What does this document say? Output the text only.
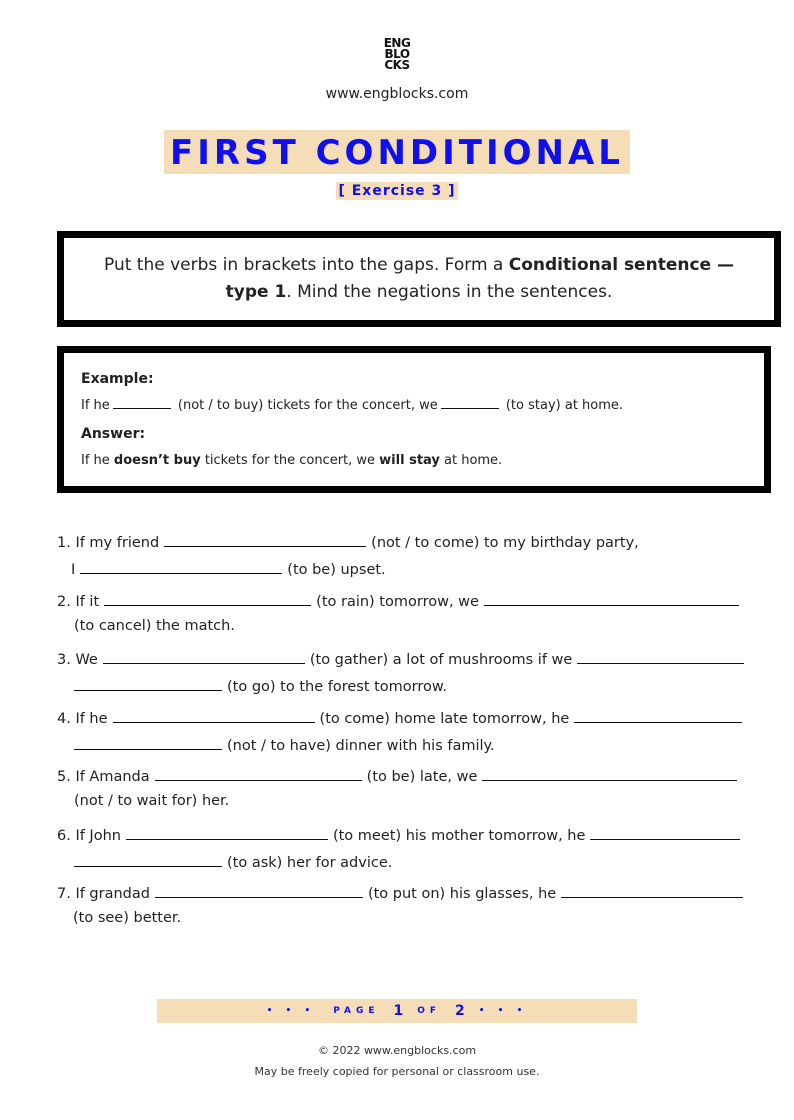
ENG
BLO
CKS
www.engblocks.com
FIRST CONDITIONAL
[ Exercise 3 ]

Put the verbs in brackets into the gaps. Form a Conditional sentence — type 1. Mind the negations in the sentences.

Example:
If he	(not / to buy) tickets for the concert, we	(to stay) at home.
Answer:
If he doesn’t buy tickets for the concert, we will stay at home.
1. If my friend	(not / to come) to my birthday party,
I	(to be) upset.
2. If it	(to rain) tomorrow, we
(to cancel) the match.
3. We	(to gather) a lot of mushrooms if we
(to go) to the forest tomorrow.
4. If he	(to come) home late tomorrow, he
(not / to have) dinner with his family.
5. If Amanda	(to be) late, we
(not / to wait for) her.
6. If John	(to meet) his mother tomorrow, he
(to ask) her for advice.
7. If grandad	(to put on) his glasses, he
(to see) better.
• • • PAGE 1 OF 2 • • •
© 2022 www.engblocks.com
May be freely copied for personal or classroom use.
